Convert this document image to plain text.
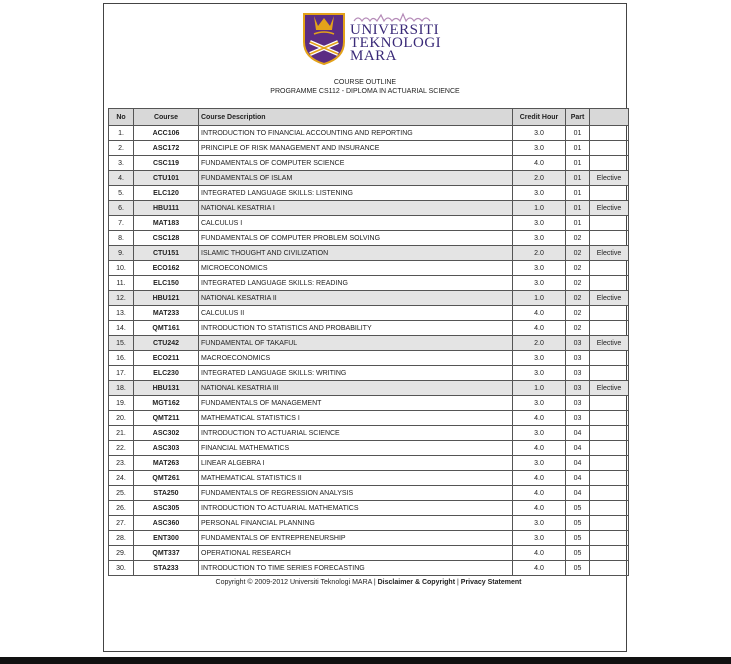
اونيۏرسيتي تيكنولوجي مارا
UNIVERSITI
TEKNOLOGI
MARA
COURSE OUTLINE
PROGRAMME CS112 - DIPLOMA IN ACTUARIAL SCIENCE
No	Course	Course Description	Credit Hour	Part	
1.	ACC106	INTRODUCTION TO FINANCIAL ACCOUNTING AND REPORTING	3.0	01	
2.	ASC172	PRINCIPLE OF RISK MANAGEMENT AND INSURANCE	3.0	01	
3.	CSC119	FUNDAMENTALS OF COMPUTER SCIENCE	4.0	01	
4.	CTU101	FUNDAMENTALS OF ISLAM	2.0	01	Elective
5.	ELC120	INTEGRATED LANGUAGE SKILLS: LISTENING	3.0	01	
6.	HBU111	NATIONAL KESATRIA I	1.0	01	Elective
7.	MAT183	CALCULUS I	3.0	01	
8.	CSC128	FUNDAMENTALS OF COMPUTER PROBLEM SOLVING	3.0	02	
9.	CTU151	ISLAMIC THOUGHT AND CIVILIZATION	2.0	02	Elective
10.	ECO162	MICROECONOMICS	3.0	02	
11.	ELC150	INTEGRATED LANGUAGE SKILLS: READING	3.0	02	
12.	HBU121	NATIONAL KESATRIA II	1.0	02	Elective
13.	MAT233	CALCULUS II	4.0	02	
14.	QMT161	INTRODUCTION TO STATISTICS AND PROBABILITY	4.0	02	
15.	CTU242	FUNDAMENTAL OF TAKAFUL	2.0	03	Elective
16.	ECO211	MACROECONOMICS	3.0	03	
17.	ELC230	INTEGRATED LANGUAGE SKILLS: WRITING	3.0	03	
18.	HBU131	NATIONAL KESATRIA III	1.0	03	Elective
19.	MGT162	FUNDAMENTALS OF MANAGEMENT	3.0	03	
20.	QMT211	MATHEMATICAL STATISTICS I	4.0	03	
21.	ASC302	INTRODUCTION TO ACTUARIAL SCIENCE	3.0	04	
22.	ASC303	FINANCIAL MATHEMATICS	4.0	04	
23.	MAT263	LINEAR ALGEBRA I	3.0	04	
24.	QMT261	MATHEMATICAL STATISTICS II	4.0	04	
25.	STA250	FUNDAMENTALS OF REGRESSION ANALYSIS	4.0	04	
26.	ASC305	INTRODUCTION TO ACTUARIAL MATHEMATICS	4.0	05	
27.	ASC360	PERSONAL FINANCIAL PLANNING	3.0	05	
28.	ENT300	FUNDAMENTALS OF ENTREPRENEURSHIP	3.0	05	
29.	QMT337	OPERATIONAL RESEARCH	4.0	05	
30.	STA233	INTRODUCTION TO TIME SERIES FORECASTING	4.0	05	
Copyright © 2009-2012 Universiti Teknologi MARA | Disclaimer & Copyright | Privacy Statement					
